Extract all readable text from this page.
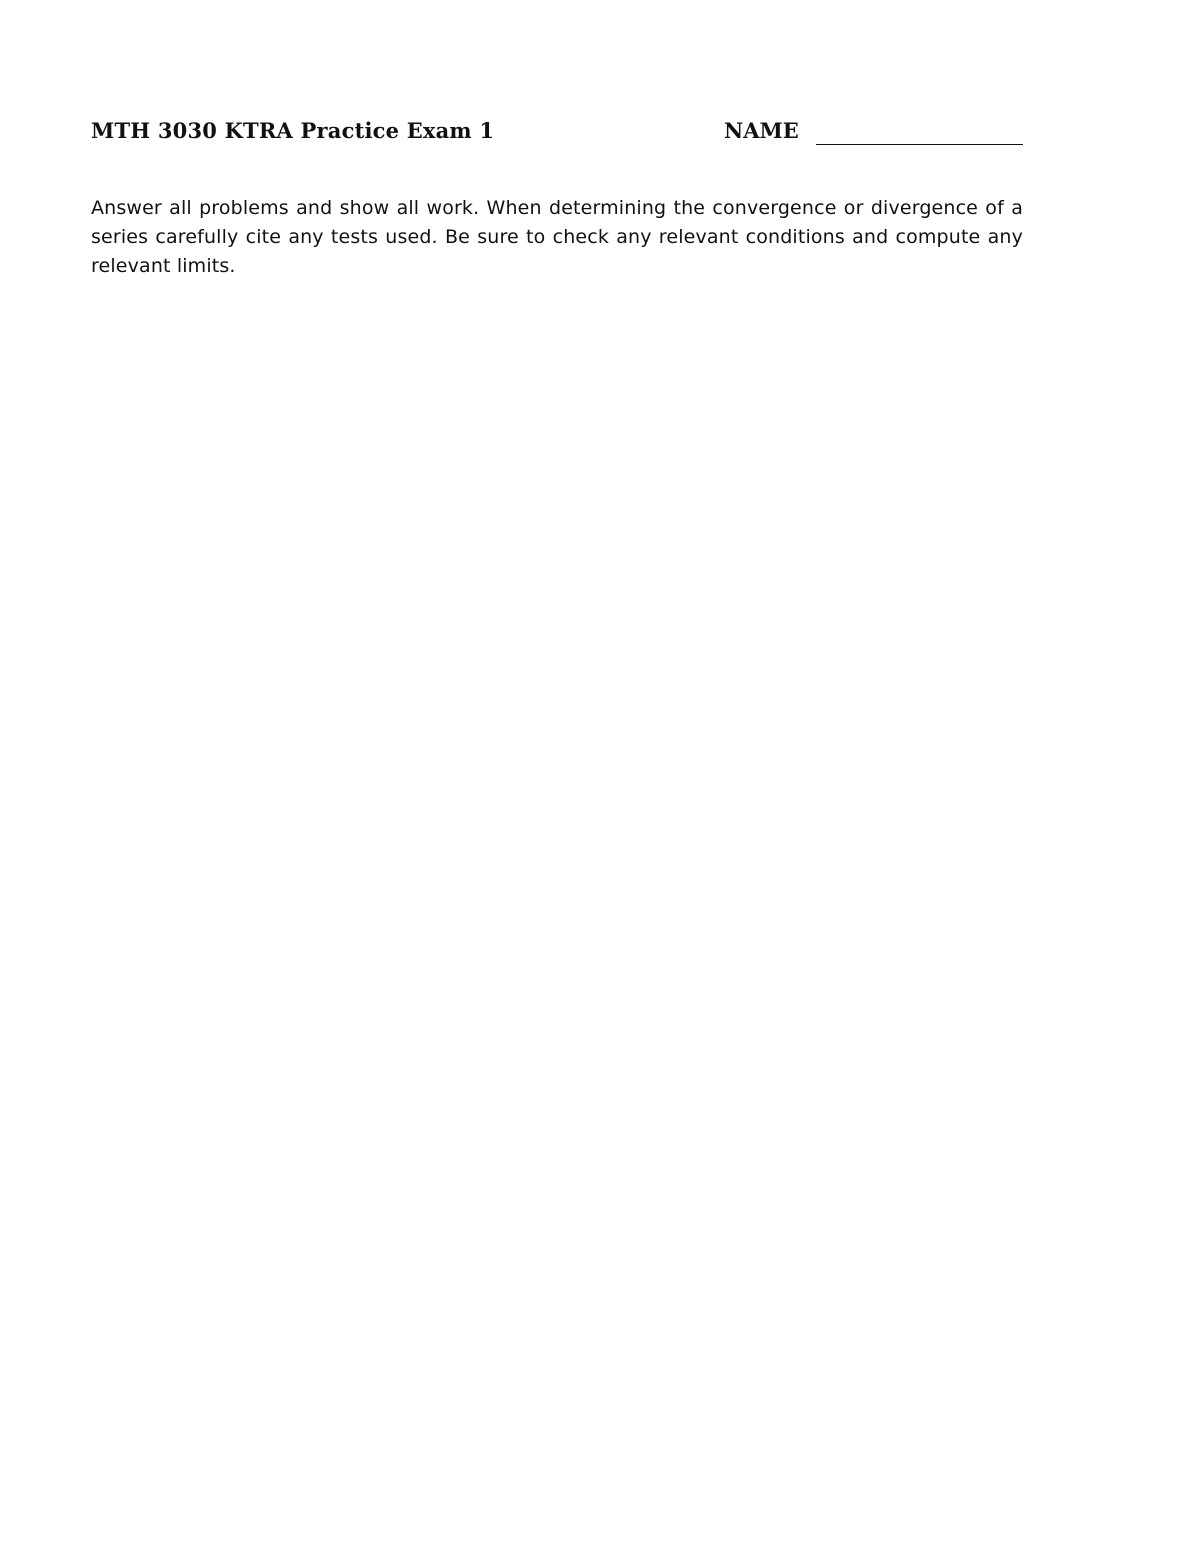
MTH 3030 KTRA Practice Exam 1	NAME

Answer all problems and show all work. When determining the convergence or divergence of a series carefully cite any tests used. Be sure to check any relevant conditions and compute any relevant limits.
